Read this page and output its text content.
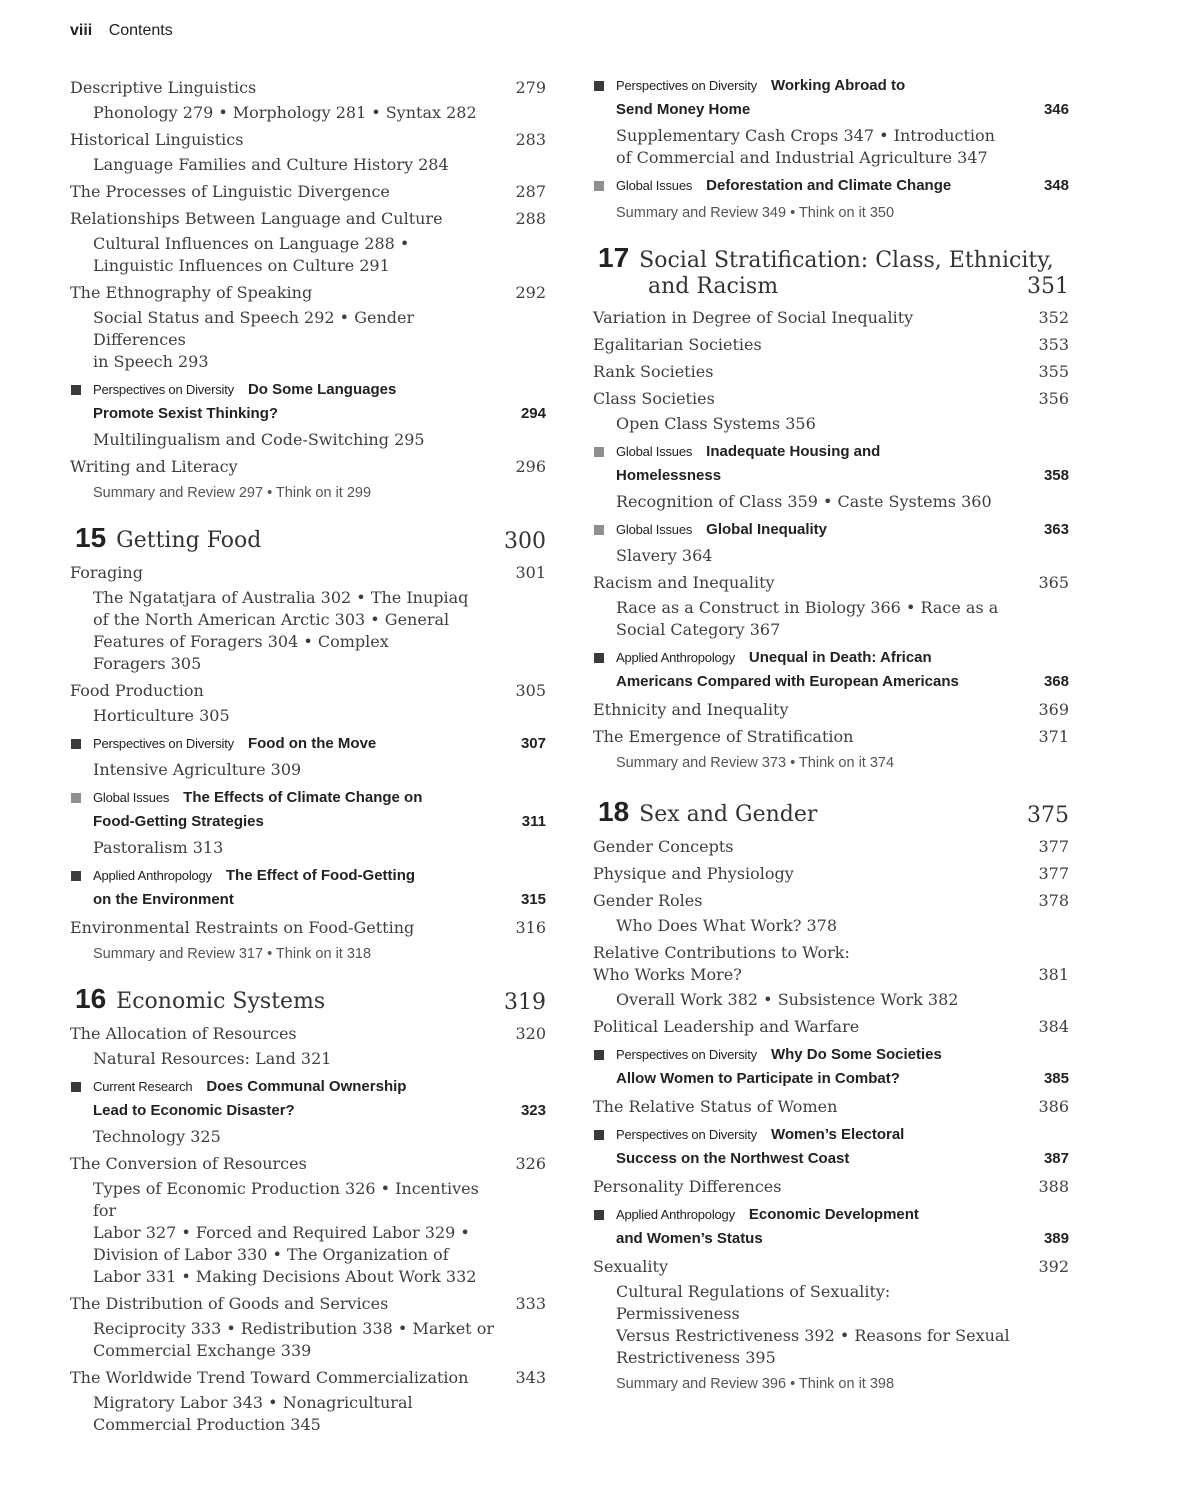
viii Contents
Descriptive Linguistics	279
Phonology 279 • Morphology 281 • Syntax 282
Historical Linguistics	283
Language Families and Culture History 284
The Processes of Linguistic Divergence	287
Relationships Between Language and Culture	288
Cultural Influences on Language 288 •
Linguistic Influences on Culture 291
The Ethnography of Speaking	292
Social Status and Speech 292 • Gender Differences
in Speech 293
Perspectives on Diversity Do Some Languages
Promote Sexist Thinking?	294
Multilingualism and Code-Switching 295
Writing and Literacy	296
Summary and Review 297 • Think on it 299
15 Getting Food	300
Foraging	301
The Ngatatjara of Australia 302 • The Inupiaq
of the North American Arctic 303 • General
Features of Foragers 304 • Complex
Foragers 305
Food Production	305
Horticulture 305
Perspectives on Diversity Food on the Move	307
Intensive Agriculture 309
Global Issues The Effects of Climate Change on
Food-Getting Strategies	311
Pastoralism 313
Applied Anthropology The Effect of Food-Getting
on the Environment	315
Environmental Restraints on Food-Getting	316
Summary and Review 317 • Think on it 318
16 Economic Systems	319
The Allocation of Resources	320
Natural Resources: Land 321
Current Research Does Communal Ownership
Lead to Economic Disaster?	323
Technology 325
The Conversion of Resources	326
Types of Economic Production 326 • Incentives for
Labor 327 • Forced and Required Labor 329 •
Division of Labor 330 • The Organization of
Labor 331 • Making Decisions About Work 332
The Distribution of Goods and Services	333
Reciprocity 333 • Redistribution 338 • Market or
Commercial Exchange 339
The Worldwide Trend Toward Commercialization	343
Migratory Labor 343 • Nonagricultural
Commercial Production 345
Perspectives on Diversity Working Abroad to
Send Money Home	346
Supplementary Cash Crops 347 • Introduction
of Commercial and Industrial Agriculture 347
Global Issues Deforestation and Climate Change	348
Summary and Review 349 • Think on it 350
17 Social Stratification: Class, Ethnicity,
and Racism	351
Variation in Degree of Social Inequality	352
Egalitarian Societies	353
Rank Societies	355
Class Societies	356
Open Class Systems 356
Global Issues Inadequate Housing and
Homelessness	358
Recognition of Class 359 • Caste Systems 360
Global Issues Global Inequality	363
Slavery 364
Racism and Inequality	365
Race as a Construct in Biology 366 • Race as a
Social Category 367
Applied Anthropology Unequal in Death: African
Americans Compared with European Americans	368
Ethnicity and Inequality	369
The Emergence of Stratification	371
Summary and Review 373 • Think on it 374
18 Sex and Gender	375
Gender Concepts	377
Physique and Physiology	377
Gender Roles	378
Who Does What Work? 378
Relative Contributions to Work:
Who Works More?	381
Overall Work 382 • Subsistence Work 382
Political Leadership and Warfare	384
Perspectives on Diversity Why Do Some Societies
Allow Women to Participate in Combat?	385
The Relative Status of Women	386
Perspectives on Diversity Women’s Electoral
Success on the Northwest Coast	387
Personality Differences	388
Applied Anthropology Economic Development
and Women’s Status	389
Sexuality	392
Cultural Regulations of Sexuality: Permissiveness
Versus Restrictiveness 392 • Reasons for Sexual
Restrictiveness 395
Summary and Review 396 • Think on it 398
